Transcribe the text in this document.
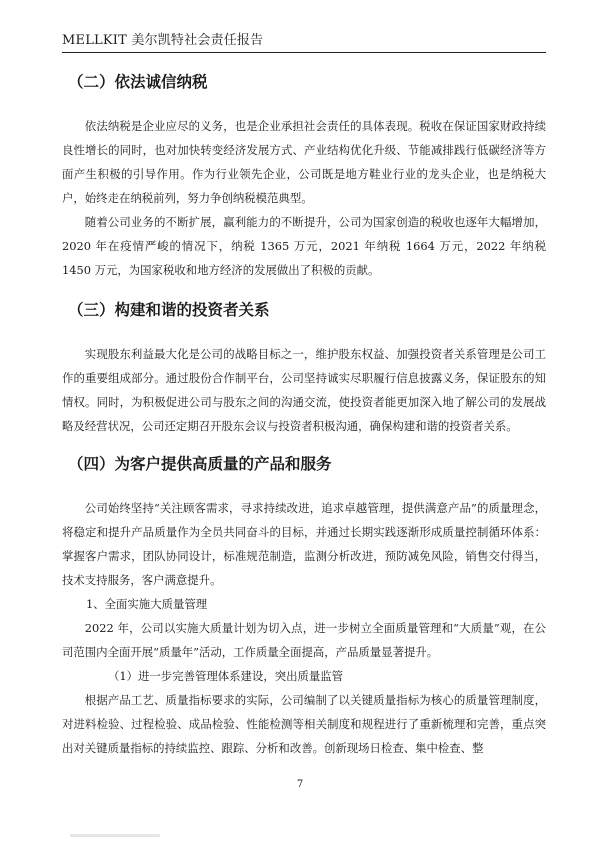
MELLKIT 美尔凯特社会责任报告
（二）依法诚信纳税

依法纳税是企业应尽的义务，也是企业承担社会责任的具体表现。税收在保证国家财政持续良性增长的同时，也对加快转变经济发展方式、产业结构优化升级、节能减排践行低碳经济等方面产生积极的引导作用。作为行业领先企业，公司既是地方鞋业行业的龙头企业，也是纳税大户，始终走在纳税前列，努力争创纳税模范典型。

随着公司业务的不断扩展，赢利能力的不断提升，公司为国家创造的税收也逐年大幅增加， 2020 年在疫情严峻的情况下，纳税 1365 万元，2021 年纳税 1664 万元，2022 年纳税 1450 万元，为国家税收和地方经济的发展做出了积极的贡献。

（三）构建和谐的投资者关系

实现股东利益最大化是公司的战略目标之一，维护股东权益、加强投资者关系管理是公司工作的重要组成部分。通过股份合作制平台，公司坚持诚实尽职履行信息披露义务，保证股东的知情权。同时，为积极促进公司与股东之间的沟通交流，使投资者能更加深入地了解公司的发展战略及经营状况，公司还定期召开股东会议与投资者积极沟通，确保构建和谐的投资者关系。

（四）为客户提供高质量的产品和服务

公司始终坚持“关注顾客需求，寻求持续改进，追求卓越管理，提供满意产品”的质量理念，将稳定和提升产品质量作为全员共同奋斗的目标，并通过长期实践逐渐形成质量控制循环体系：掌握客户需求，团队协同设计，标准规范制造，监测分析改进，预防减免风险，销售交付得当，技术支持服务，客户满意提升。

1、全面实施大质量管理

2022 年，公司以实施大质量计划为切入点，进一步树立全面质量管理和“大质量”观，在公司范围内全面开展“质量年”活动，工作质量全面提高，产品质量显著提升。

（1）进一步完善管理体系建设，突出质量监管

根据产品工艺、质量指标要求的实际，公司编制了以关键质量指标为核心的质量管理制度，对进料检验、过程检验、成品检验、性能检测等相关制度和规程进行了重新梳理和完善，重点突出对关键质量指标的持续监控、跟踪、分析和改善。创新现场日检查、集中检查、整

7
